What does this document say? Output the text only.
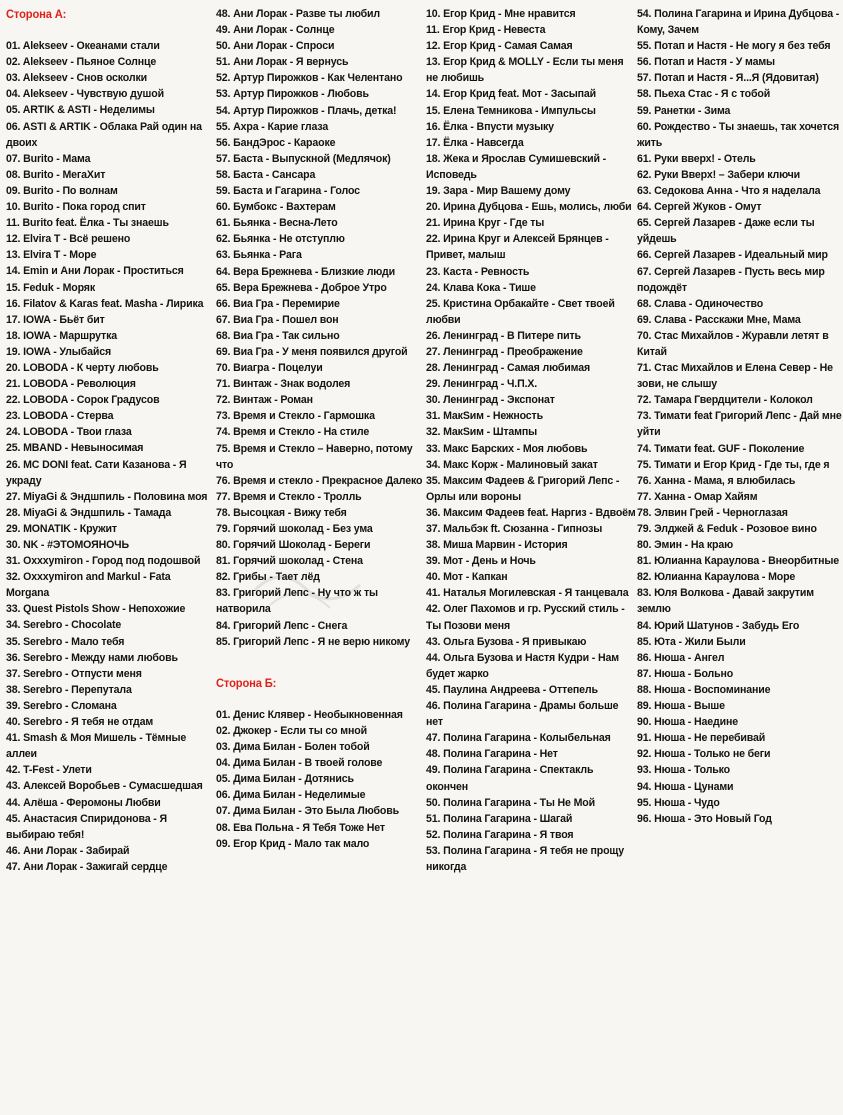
Сторона А:

01. Alekseev - Океанами стали

02. Alekseev - Пьяное Солнце

03. Alekseev - Снов осколки

04. Alekseev - Чувствую душой

05. ARTIK & ASTI - Неделимы

06. ASTI & ARTIK - Облака Рай один на двоих

07. Burito - Мама

08. Burito - МегаХит

09. Burito - По волнам

10. Burito - Пока город спит

11. Burito feat. Ёлка - Ты знаешь

12. Elvira T - Всё решено

13. Elvira T - Море

14. Emin и Ани Лорак - Проститься

15. Feduk - Моряк

16. Filatov & Karas feat. Masha - Лирика

17. IOWA - Бьёт бит

18. IOWA - Маршрутка

19. IOWA - Улыбайся

20. LOBODA - К черту любовь

21. LOBODA - Революция

22. LOBODA - Сорок Градусов

23. LOBODA - Стерва

24. LOBODA - Твои глаза

25. MBAND - Невыносимая

26. MC DONI feat. Сати Казанова - Я украду

27. MiyaGi & Эндшпиль - Половина моя

28. MiyaGi & Эндшпиль - Тамада

29. MONATIK - Кружит

30. NK - #ЭТОМОЯНОЧЬ

31. Oxxxymiron - Город под подошвой

32. Oxxxymiron and Markul - Fata Morgana

33. Quest Pistols Show - Непохожие

34. Serebro - Chocolate

35. Serebro - Мало тебя

36. Serebro - Между нами любовь

37. Serebro - Отпусти меня

38. Serebro - Перепутала

39. Serebro - Сломана

40. Serebro - Я тебя не отдам

41. Smash & Моя Мишель - Тёмные аллеи

42. T-Fest - Улети

43. Алексей Воробьев - Сумасшедшая

44. Алёша - Феромоны Любви

45. Анастасия Спиридонова - Я выбираю тебя!

46. Ани Лорак - Забирай

47. Ани Лорак - Зажигай сердце

48. Ани Лорак - Разве ты любил

49. Ани Лорак - Солнце

50. Ани Лорак - Спроси

51. Ани Лорак - Я вернусь

52. Артур Пирожков - Как Челентано

53. Артур Пирожков - Любовь

54. Артур Пирожков - Плачь, детка!

55. Ахра - Карие глаза

56. БандЭрос - Караоке

57. Баста - Выпускной (Медлячок)

58. Баста - Сансара

59. Баста и Гагарина - Голос

60. Бумбокс - Вахтерам

61. Бьянка - Весна-Лето

62. Бьянка - Не отступлю

63. Бьянка - Рага

64. Вера Брежнева - Близкие люди

65. Вера Брежнева - Доброе Утро

66. Виа Гра - Перемирие

67. Виа Гра - Пошел вон

68. Виа Гра - Так сильно

69. Виа Гра - У меня появился другой

70. Виагра - Поцелуи

71. Винтаж - Знак водолея

72. Винтаж - Роман

73. Время и Стекло - Гармошка

74. Время и Стекло - На стиле

75. Время и Стекло – Наверно, потому что

76. Время и стекло - Прекрасное Далеко

77. Время и Стекло - Тролль

78. Высоцкая - Вижу тебя

79. Горячий шоколад - Без ума

80. Горячий Шоколад - Береги

81. Горячий шоколад - Стена

82. Грибы - Тает лёд

83. Григорий Лепс - Ну что ж ты натворила

84. Григорий Лепс - Снега

85. Григорий Лепс - Я не верю никому

Сторона Б:

01. Денис Клявер - Необыкновенная

02. Джокер - Если ты со мной

03. Дима Билан - Болен тобой

04. Дима Билан - В твоей голове

05. Дима Билан - Дотянись

06. Дима Билан - Неделимые

07. Дима Билан - Это Была Любовь

08. Ева Польна - Я Тебя Тоже Нет

09. Егор Крид - Мало так мало

10. Егор Крид - Мне нравится

11. Егор Крид - Невеста

12. Егор Крид - Самая Самая

13. Егор Крид & MOLLY - Если ты меня не любишь

14. Егор Крид feat. Мот - Засыпай

15. Елена Темникова - Импульсы

16. Ёлка - Впусти музыку

17. Ёлка - Навсегда

18. Жека и Ярослав Сумишевский - Исповедь

19. Зара - Мир Вашему дому

20. Ирина Дубцова - Ешь, молись, люби

21. Ирина Круг - Где ты

22. Ирина Круг и Алексей Брянцев - Привет, малыш

23. Каста - Ревность

24. Клава Кока - Тише

25. Кристина Орбакайте - Свет твоей любви

26. Ленинград - В Питере пить

27. Ленинград - Преображение

28. Ленинград - Самая любимая

29. Ленинград - Ч.П.Х.

30. Ленинград - Экспонат

31. МакSим - Нежность

32. МакSим - Штампы

33. Макс Барских - Моя любовь

34. Макс Корж - Малиновый закат

35. Максим Фадеев & Григорий Лепс - Орлы или вороны

36. Максим Фадеев feat. Наргиз - Вдвоём

37. Мальбэк ft. Сюзанна - Гипнозы

38. Миша Марвин - История

39. Мот - День и Ночь

40. Мот - Капкан

41. Наталья Могилевская - Я танцевала

42. Олег Пахомов и гр. Русский стиль - Ты Позови меня

43. Ольга Бузова - Я привыкаю

44. Ольга Бузова и Настя Кудри - Нам будет жарко

45. Паулина Андреева - Оттепель

46. Полина Гагарина - Драмы больше нет

47. Полина Гагарина - Колыбельная

48. Полина Гагарина - Нет

49. Полина Гагарина - Спектакль окончен

50. Полина Гагарина - Ты Не Мой

51. Полина Гагарина - Шагай

52. Полина Гагарина - Я твоя

53. Полина Гагарина - Я тебя не прощу никогда

54. Полина Гагарина и Ирина Дубцова - Кому, Зачем

55. Потап и Настя - Не могу я без тебя

56. Потап и Настя - У мамы

57. Потап и Настя - Я...Я (Ядовитая)

58. Пьеха Стас - Я с тобой

59. Ранетки - Зима

60. Рождество - Ты знаешь, так хочется жить

61. Руки вверх! - Отель

62. Руки Вверх! – Забери ключи

63. Седокова Анна - Что я наделала

64. Сергей Жуков - Омут

65. Сергей Лазарев - Даже если ты уйдешь

66. Сергей Лазарев - Идеальный мир

67. Сергей Лазарев - Пусть весь мир подождёт

68. Слава - Одиночество

69. Слава - Расскажи Мне, Мама

70. Стас Михайлов - Журавли летят в Китай

71. Стас Михайлов и Елена Север - Не зови, не слышу

72. Тамара Гвердцители - Колокол

73. Тимати feat Григорий Лепс - Дай мне уйти

74. Тимати feat. GUF - Поколение

75. Тимати и Егор Крид - Где ты, где я

76. Ханна - Мама, я влюбилась

77. Ханна - Омар Хайям

78. Элвин Грей - Черноглазая

79. Элджей & Feduk - Розовое вино

80. Эмин - На краю

81. Юлианна Караулова - Внеорбитные

82. Юлианна Караулова - Море

83. Юля Волкова - Давай закрутим землю

84. Юрий Шатунов - Забудь Его

85. Юта - Жили Были

86. Нюша - Ангел

87. Нюша - Больно

88. Нюша - Воспоминание

89. Нюша - Выше

90. Нюша - Наедине

91. Нюша - Не перебивай

92. Нюша - Только не беги

93. Нюша - Только

94. Нюша - Цунами

95. Нюша - Чудо

96. Нюша - Это Новый Год
